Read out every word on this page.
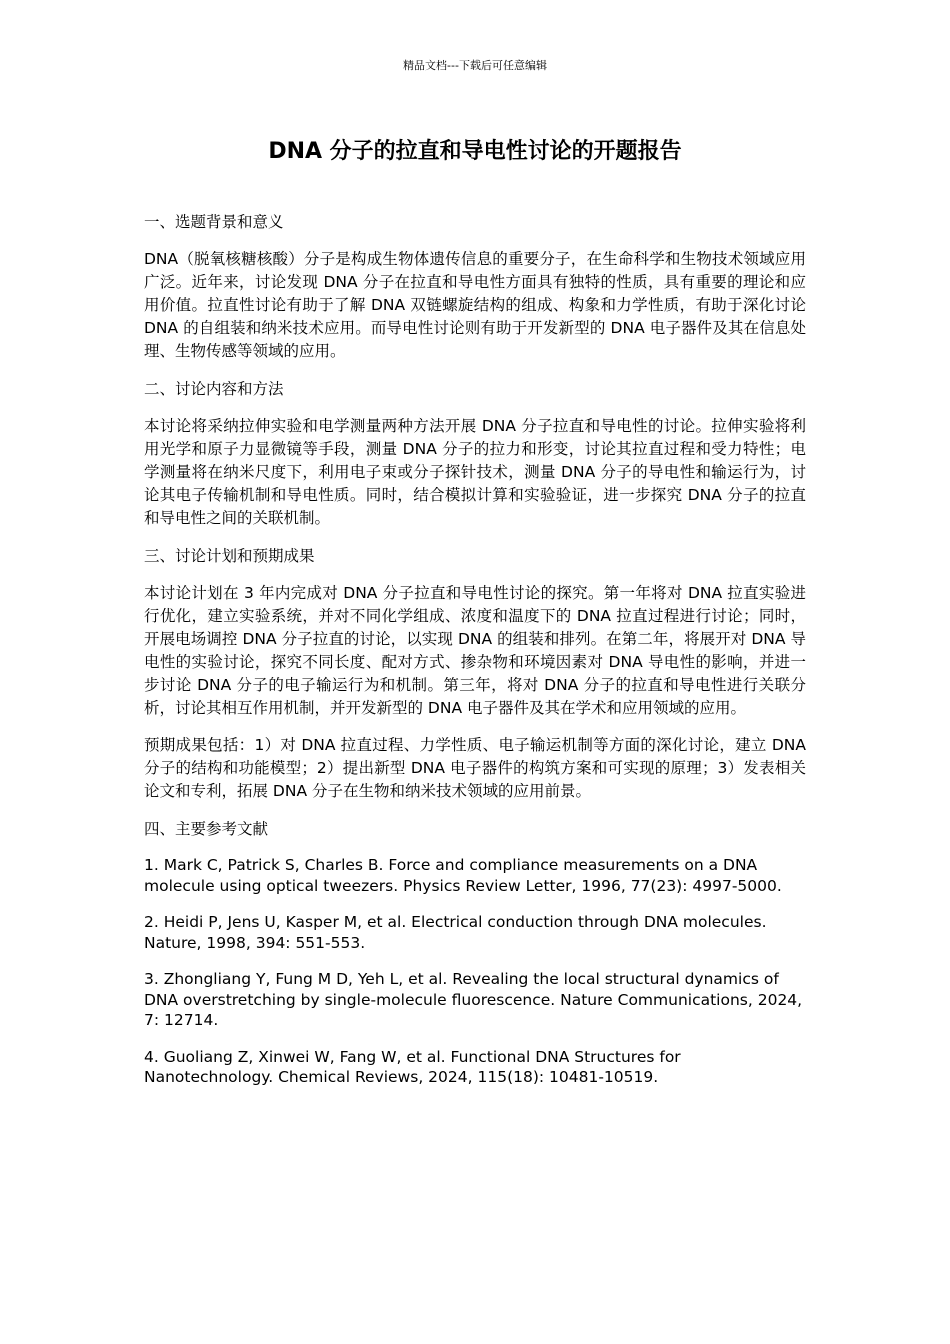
精品文档---下载后可任意编辑
DNA 分子的拉直和导电性讨论的开题报告

一、选题背景和意义

DNA（脱氧核糖核酸）分子是构成生物体遗传信息的重要分子，在生命科学和生物技术领域应用广泛。近年来，讨论发现 DNA 分子在拉直和导电性方面具有独特的性质，具有重要的理论和应用价值。拉直性讨论有助于了解 DNA 双链螺旋结构的组成、构象和力学性质，有助于深化讨论 DNA 的自组装和纳米技术应用。而导电性讨论则有助于开发新型的 DNA 电子器件及其在信息处理、生物传感等领域的应用。

二、讨论内容和方法

本讨论将采纳拉伸实验和电学测量两种方法开展 DNA 分子拉直和导电性的讨论。拉伸实验将利用光学和原子力显微镜等手段，测量 DNA 分子的拉力和形变，讨论其拉直过程和受力特性；电学测量将在纳米尺度下，利用电子束或分子探针技术，测量 DNA 分子的导电性和输运行为，讨论其电子传输机制和导电性质。同时，结合模拟计算和实验验证，进一步探究 DNA 分子的拉直和导电性之间的关联机制。

三、讨论计划和预期成果

本讨论计划在 3 年内完成对 DNA 分子拉直和导电性讨论的探究。第一年将对 DNA 拉直实验进行优化，建立实验系统，并对不同化学组成、浓度和温度下的 DNA 拉直过程进行讨论；同时，开展电场调控 DNA 分子拉直的讨论，以实现 DNA 的组装和排列。在第二年，将展开对 DNA 导电性的实验讨论，探究不同长度、配对方式、掺杂物和环境因素对 DNA 导电性的影响，并进一步讨论 DNA 分子的电子输运行为和机制。第三年，将对 DNA 分子的拉直和导电性进行关联分析，讨论其相互作用机制，并开发新型的 DNA 电子器件及其在学术和应用领域的应用。

预期成果包括：1）对 DNA 拉直过程、力学性质、电子输运机制等方面的深化讨论，建立 DNA 分子的结构和功能模型；2）提出新型 DNA 电子器件的构筑方案和可实现的原理；3）发表相关论文和专利，拓展 DNA 分子在生物和纳米技术领域的应用前景。

四、主要参考文献

1. Mark C, Patrick S, Charles B. Force and compliance measurements on a DNA molecule using optical tweezers. Physics Review Letter, 1996, 77(23): 4997-5000.

2. Heidi P, Jens U, Kasper M, et al. Electrical conduction through DNA molecules. Nature, 1998, 394: 551-553.

3. Zhongliang Y, Fung M D, Yeh L, et al. Revealing the local structural dynamics of DNA overstretching by single-molecule fluorescence. Nature Communications, 2024, 7: 12714.

4. Guoliang Z, Xinwei W, Fang W, et al. Functional DNA Structures for Nanotechnology. Chemical Reviews, 2024, 115(18): 10481-10519.
